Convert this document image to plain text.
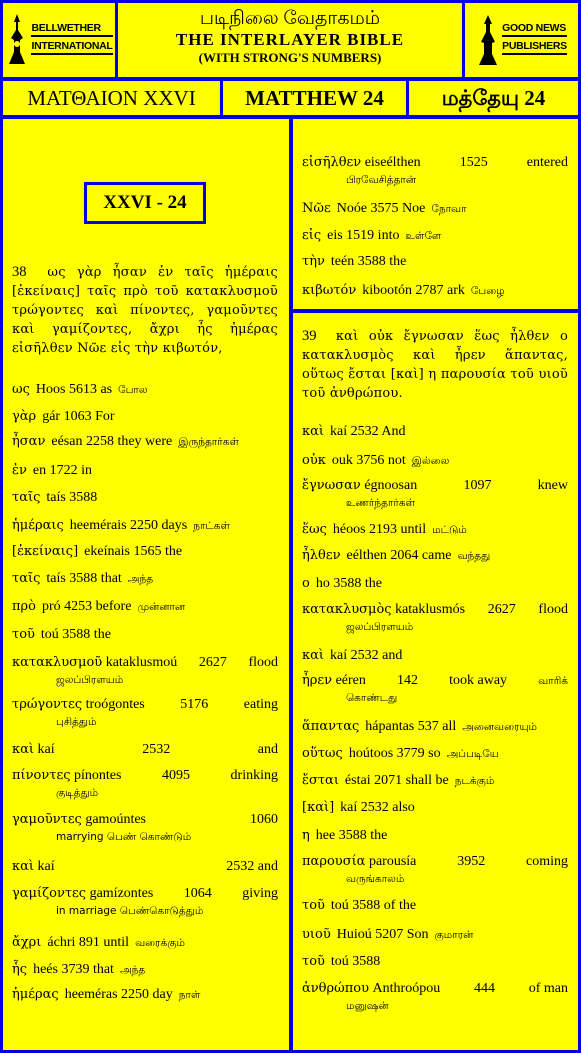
BELLWETHER
INTERNATIONAL
படிநிலை வேதாகமம்
THE INTERLAYER BIBLE
(WITH STRONG'S NUMBERS)
GOOD NEWS
PUBLISHERS
ΜΑΤΘΑΙΟΝ XXVI	MATTHEW 24	மத்தேயு 24
XXVI - 24
38 ως γὰρ ἦσαν ἐν ταῖς ἡμέραις [ἐκείναις] ταῖς πρὸ τοῦ κατακλυσμοῦ τρώγοντες καὶ πίνοντες, γαμοῦντες καὶ γαμίζοντες, ἄχρι ἧς ἡμέρας εἰσῆλθεν Νῶε εἰς τὴν κιβωτόν,
39 καὶ οὐκ ἔγνωσαν ἕως ἦλθεν ο κατακλυσμὸς καὶ ἦρεν ἅπαντας, οὕτως ἔσται [καὶ] η παρουσία τοῦ υιοῦ τοῦ ἀνθρώπου.
ως Hoos 5613 as போல
γὰρ gár 1063 For
ἦσαν eésan 2258 they were இருந்தார்கள்
ἐν en 1722 in
ταῖς taís 3588
ἡμέραις heemérais 2250 days நாட்கள்
[ἐκείναις] ekeínais 1565 the
ταῖς taís 3588 that அந்த
πρὸ pró 4253 before முன்னான
τοῦ toú 3588 the
κατακλυσμοῦ kataklusmoú 2627 flood
ஜலப்பிரளயம்
τρώγοντες troógontes	5176	eating
புசித்தும்
καὶ kaí	2532	and
πίνοντες pínontes	4095	drinking
குடித்தும்
γαμοῦντες gamoúntes	1060
marrying பெண் கொண்டும்
καὶ kaí	2532 and
γαμίζοντες gamízontes 1064 giving
in marriage பெண்கொடுத்தும்
ἄχρι áchri 891 until வரைக்கும்
ἧς heés 3739 that அந்த
ἡμέρας heeméras 2250 day நாள்
εἰσῆλθεν eiseélthen	1525	entered
பிரவேசித்தான்
Νῶε Noóe 3575 Noe நோவா
εἰς eis 1519 into உள்ளே
τὴν teén 3588 the
κιβωτόν kibootón 2787 ark பேழை
καὶ kaí 2532 And
οὐκ ouk 3756 not இல்லை
ἔγνωσαν égnoosan	1097	knew
உணர்ந்தார்கள்
ἕως héoos 2193 until மட்டும்
ἦλθεν eélthen 2064 came வந்தது
ο ho 3588 the
κατακλυσμὸς kataklusmós 2627 flood
ஜலப்பிரளயம்
καὶ kaí 2532 and
ἦρεν eéren 142 took away	வாரிக்
கொண்டது
ἅπαντας hápantas 537 all அனைவரையும்
οὕτως hoútoos 3779 so அப்படியே
ἔσται éstai 2071 shall be நடக்கும்
[καὶ] kaí 2532 also
η hee 3588 the
παρουσία parousía	3952	coming
வருங்காலம்
τοῦ toú 3588 of the
υιοῦ Huioú 5207 Son குமாரன்
τοῦ toú 3588
ἀνθρώπου Anthroópou 444 of man
மனுஷன்
